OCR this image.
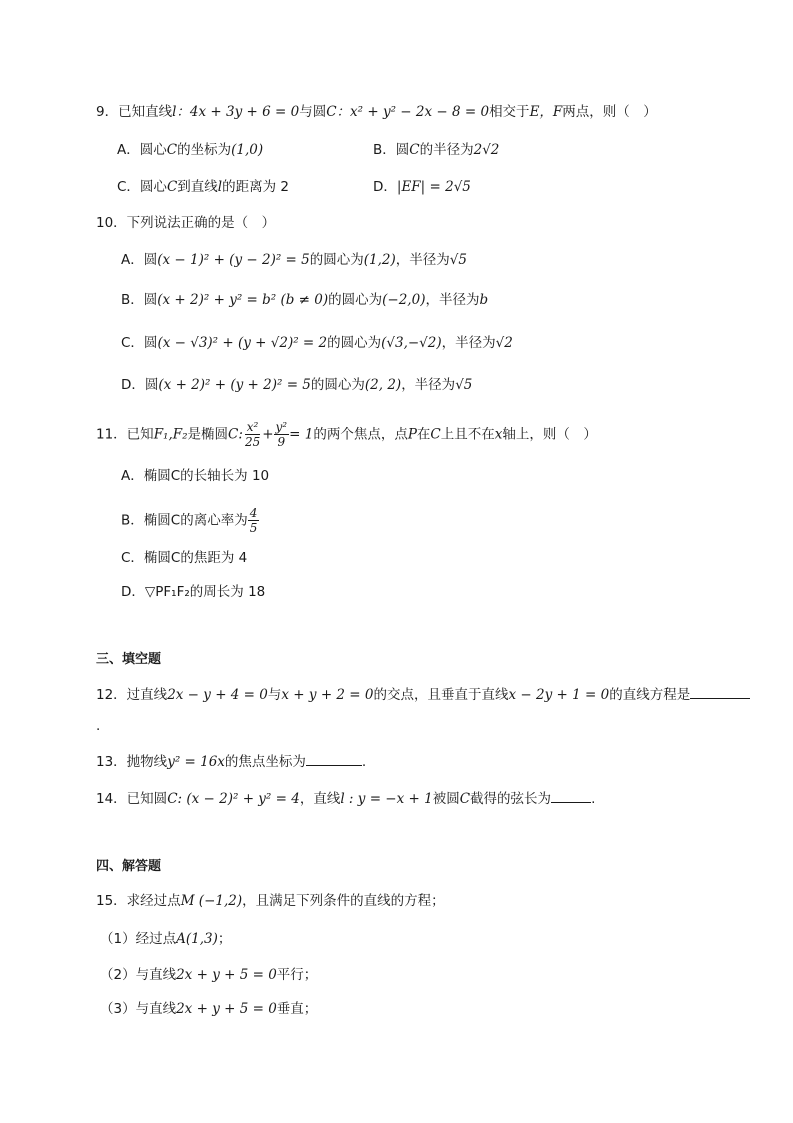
9．已知直线l：4x + 3y + 6 = 0与圆C：x² + y² − 2x − 8 = 0相交于E，F两点，则（　）
A．圆心C的坐标为(1,0)	B．圆C的半径为2√2
C．圆心C到直线l的距离为 2	D．|EF| = 2√5
10．下列说法正确的是（　）
A．圆(x − 1)² + (y − 2)² = 5的圆心为(1,2)，半径为√5
B．圆(x + 2)² + y² = b² (b ≠ 0)的圆心为(−2,0)，半径为b
C．圆(x − √3)² + (y + √2)² = 2的圆心为(√3,−√2)，半径为√2
D．圆(x + 2)² + (y + 2)² = 5的圆心为(2, 2)，半径为√5
11．已知F₁,F₂是椭圆C: $\frac{\text{x²}}{25} + \frac{\text{y²}}{9} = 1$的两个焦点，点P在C上且不在x轴上，则（　）
A．椭圆C的长轴长为 10
B．椭圆C的离心率为 $\frac{4}{5}$
C．椭圆C的焦距为 4
D．▽PF₁F₂的周长为 18
三、填空题
12．过直线2x − y + 4 = 0与x + y + 2 = 0的交点，且垂直于直线x − 2y + 1 = 0的直线方程是
.
13．抛物线y² = 16x的焦点坐标为	.
14．已知圆C: (x − 2)² + y² = 4，直线l : y = −x + 1被圆C截得的弦长为	.
四、解答题
15．求经过点M (−1,2)，且满足下列条件的直线的方程；
（1）经过点A(1,3)；
（2）与直线2x + y + 5 = 0平行；
（3）与直线2x + y + 5 = 0垂直；
